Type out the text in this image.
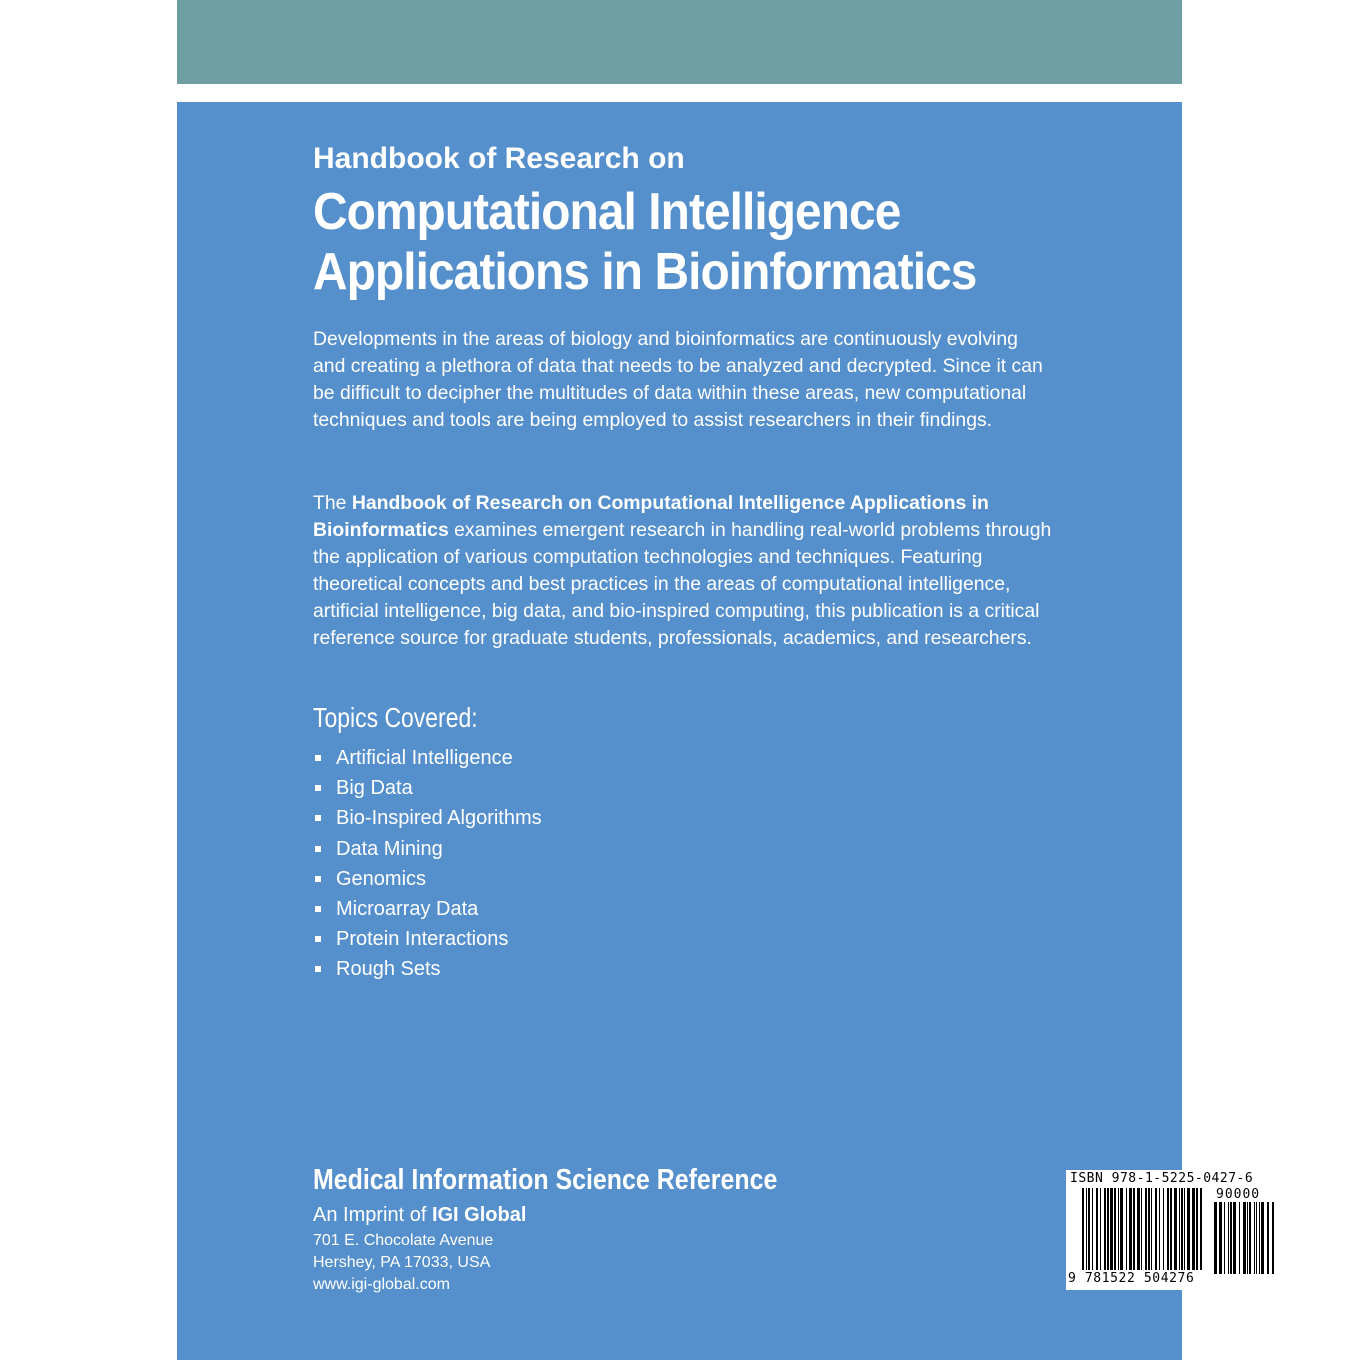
Handbook of Research on
Computational Intelligence
Applications in Bioinformatics

Developments in the areas of biology and bioinformatics are continuously evolving and creating a plethora of data that needs to be analyzed and decrypted. Since it can be difficult to decipher the multitudes of data within these areas, new computational techniques and tools are being employed to assist researchers in their findings.

The Handbook of Research on Computational Intelligence Applications in Bioinformatics examines emergent research in handling real-world problems through the application of various computation technologies and techniques. Featuring theoretical concepts and best practices in the areas of computational intelligence, artificial intelligence, big data, and bio-inspired computing, this publication is a critical reference source for graduate students, professionals, academics, and researchers.

Topics Covered:
Artificial Intelligence
Big Data
Bio-Inspired Algorithms
Data Mining
Genomics
Microarray Data
Protein Interactions
Rough Sets
Medical Information Science Reference
An Imprint of IGI Global
701 E. Chocolate Avenue
Hershey, PA 17033, USA
www.igi-global.com
ISBN 978-1-5225-0427-6
90000
9 781522 504276
